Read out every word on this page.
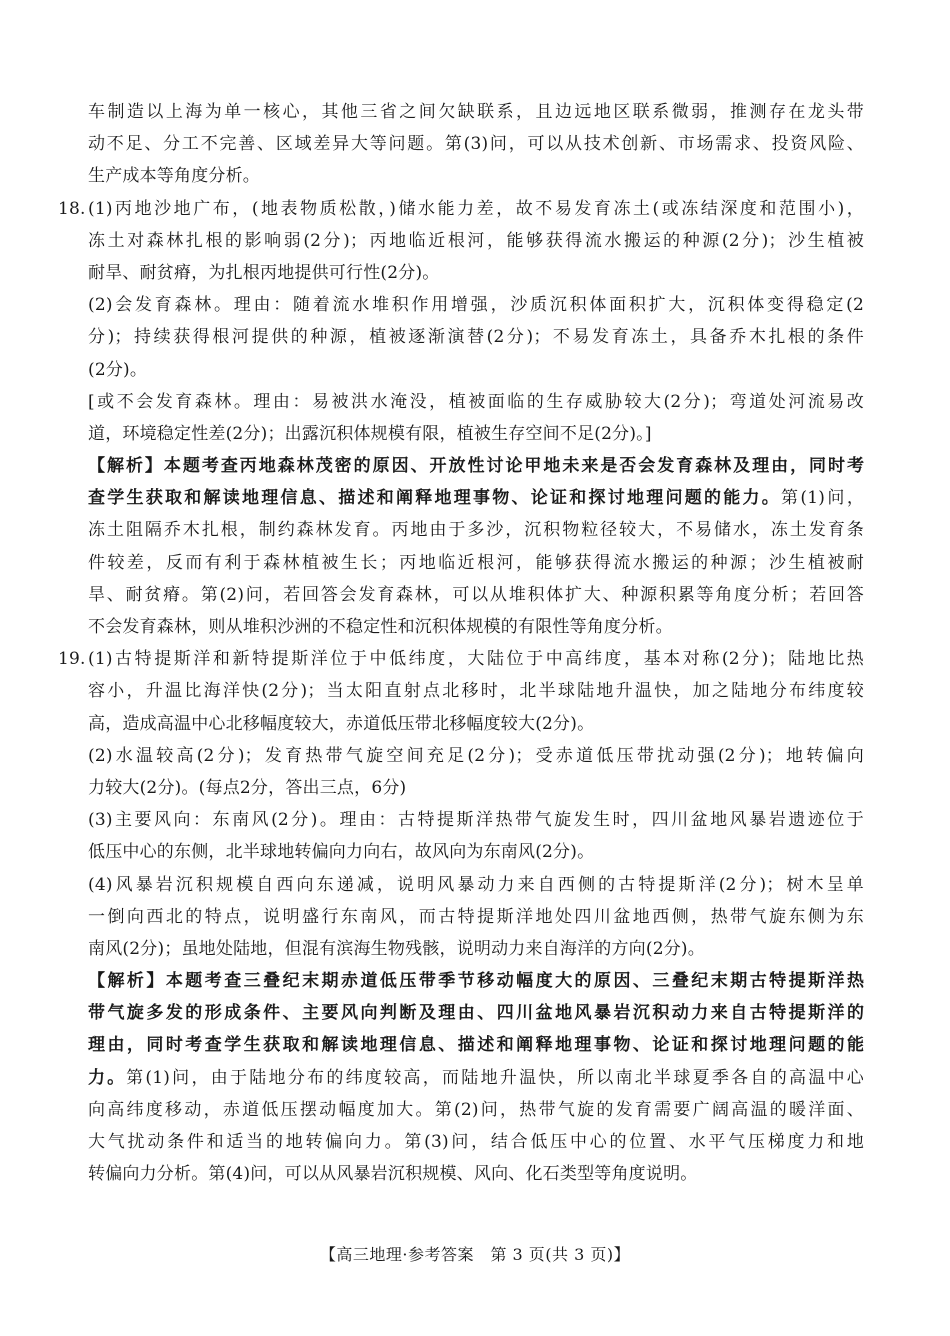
车制造以上海为单一核心，其他三省之间欠缺联系，且边远地区联系微弱，推测存在龙头带
动不足、分工不完善、区域差异大等问题。第(3)问，可以从技术创新、市场需求、投资风险、
生产成本等角度分析。
18. (1)丙地沙地广布，(地表物质松散，)储水能力差，故不易发育冻土(或冻结深度和范围小)，
冻土对森林扎根的影响弱(2分)；丙地临近根河，能够获得流水搬运的种源(2分)；沙生植被
耐旱、耐贫瘠，为扎根丙地提供可行性(2分)。
(2)会发育森林。理由：随着流水堆积作用增强，沙质沉积体面积扩大，沉积体变得稳定(2
分)；持续获得根河提供的种源，植被逐渐演替(2分)；不易发育冻土，具备乔木扎根的条件
(2分)。
[或不会发育森林。理由：易被洪水淹没，植被面临的生存威胁较大(2分)；弯道处河流易改
道，环境稳定性差(2分)；出露沉积体规模有限，植被生存空间不足(2分)。]
【解析】本题考查丙地森林茂密的原因、开放性讨论甲地未来是否会发育森林及理由，同时考
查学生获取和解读地理信息、描述和阐释地理事物、论证和探讨地理问题的能力。第(1)问，
冻土阻隔乔木扎根，制约森林发育。丙地由于多沙，沉积物粒径较大，不易储水，冻土发育条
件较差，反而有利于森林植被生长；丙地临近根河，能够获得流水搬运的种源；沙生植被耐
旱、耐贫瘠。第(2)问，若回答会发育森林，可以从堆积体扩大、种源积累等角度分析；若回答
不会发育森林，则从堆积沙洲的不稳定性和沉积体规模的有限性等角度分析。
19. (1)古特提斯洋和新特提斯洋位于中低纬度，大陆位于中高纬度，基本对称(2分)；陆地比热
容小，升温比海洋快(2分)；当太阳直射点北移时，北半球陆地升温快，加之陆地分布纬度较
高，造成高温中心北移幅度较大，赤道低压带北移幅度较大(2分)。
(2)水温较高(2分)；发育热带气旋空间充足(2分)；受赤道低压带扰动强(2分)；地转偏向
力较大(2分)。(每点2分，答出三点，6分)
(3)主要风向：东南风(2分)。理由：古特提斯洋热带气旋发生时，四川盆地风暴岩遗迹位于
低压中心的东侧，北半球地转偏向力向右，故风向为东南风(2分)。
(4)风暴岩沉积规模自西向东递减，说明风暴动力来自西侧的古特提斯洋(2分)；树木呈单
一倒向西北的特点，说明盛行东南风，而古特提斯洋地处四川盆地西侧，热带气旋东侧为东
南风(2分)；虽地处陆地，但混有滨海生物残骸，说明动力来自海洋的方向(2分)。
【解析】本题考查三叠纪末期赤道低压带季节移动幅度大的原因、三叠纪末期古特提斯洋热
带气旋多发的形成条件、主要风向判断及理由、四川盆地风暴岩沉积动力来自古特提斯洋的
理由，同时考查学生获取和解读地理信息、描述和阐释地理事物、论证和探讨地理问题的能
力。第(1)问，由于陆地分布的纬度较高，而陆地升温快，所以南北半球夏季各自的高温中心
向高纬度移动，赤道低压摆动幅度加大。第(2)问，热带气旋的发育需要广阔高温的暖洋面、
大气扰动条件和适当的地转偏向力。第(3)问，结合低压中心的位置、水平气压梯度力和地
转偏向力分析。第(4)问，可以从风暴岩沉积规模、风向、化石类型等角度说明。
【高三地理·参考答案　第 3 页(共 3 页)】
